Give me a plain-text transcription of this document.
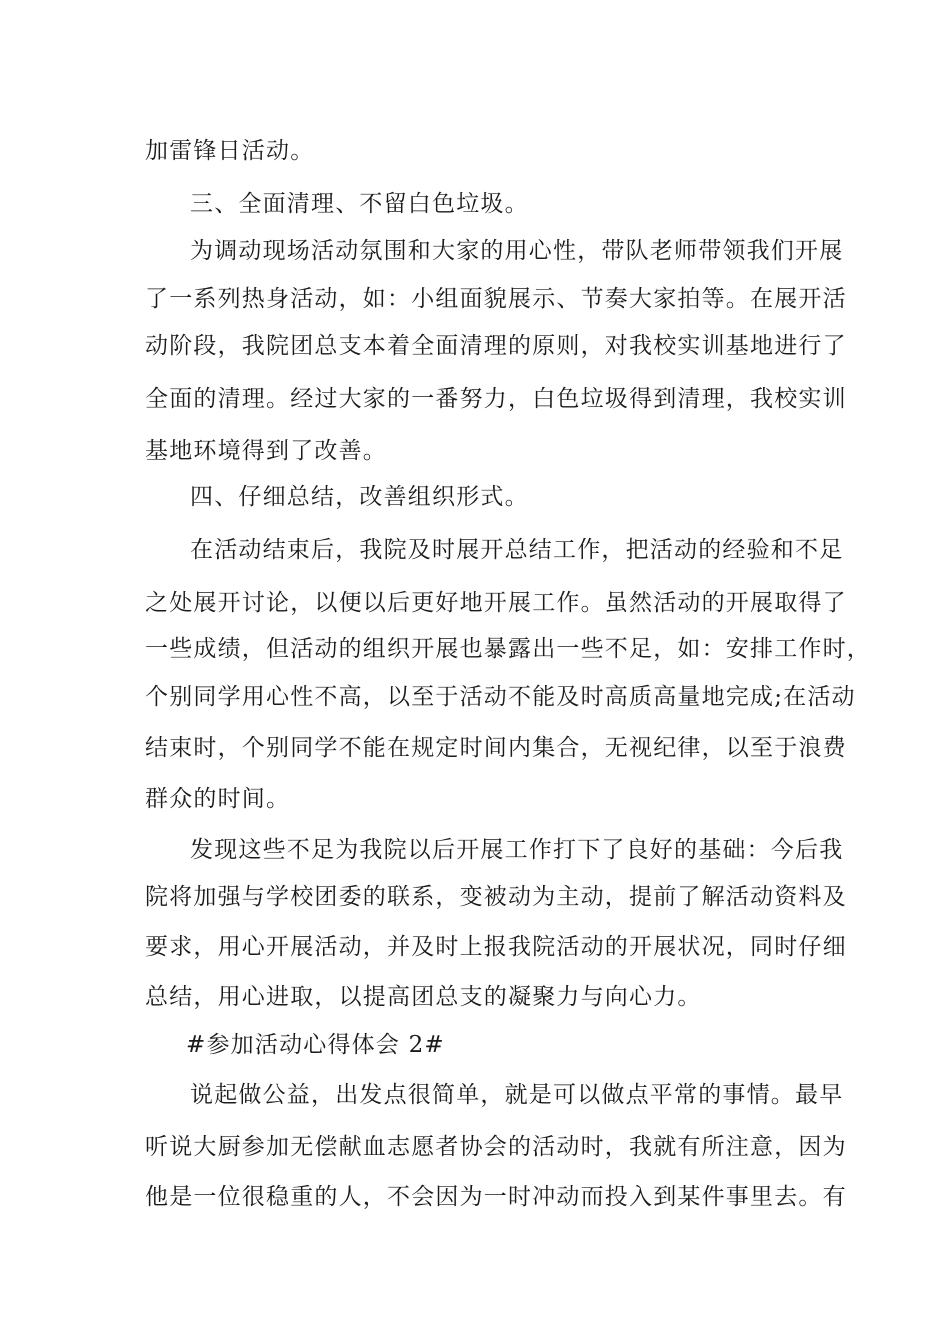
加雷锋日活动。
三、全面清理、不留白色垃圾。
为调动现场活动氛围和大家的用心性，带队老师带领我们开展
了一系列热身活动，如：小组面貌展示、节奏大家拍等。在展开活
动阶段，我院团总支本着全面清理的原则，对我校实训基地进行了
全面的清理。经过大家的一番努力，白色垃圾得到清理，我校实训
基地环境得到了改善。
四、仔细总结，改善组织形式。
在活动结束后，我院及时展开总结工作，把活动的经验和不足
之处展开讨论，以便以后更好地开展工作。虽然活动的开展取得了
一些成绩，但活动的组织开展也暴露出一些不足，如：安排工作时，
个别同学用心性不高，以至于活动不能及时高质高量地完成;在活动
结束时，个别同学不能在规定时间内集合，无视纪律，以至于浪费
群众的时间。
发现这些不足为我院以后开展工作打下了良好的基础：今后我
院将加强与学校团委的联系，变被动为主动，提前了解活动资料及
要求，用心开展活动，并及时上报我院活动的开展状况，同时仔细
总结，用心进取，以提高团总支的凝聚力与向心力。
#参加活动心得体会 2#
说起做公益，出发点很简单，就是可以做点平常的事情。最早
听说大厨参加无偿献血志愿者协会的活动时，我就有所注意，因为
他是一位很稳重的人，不会因为一时冲动而投入到某件事里去。有
